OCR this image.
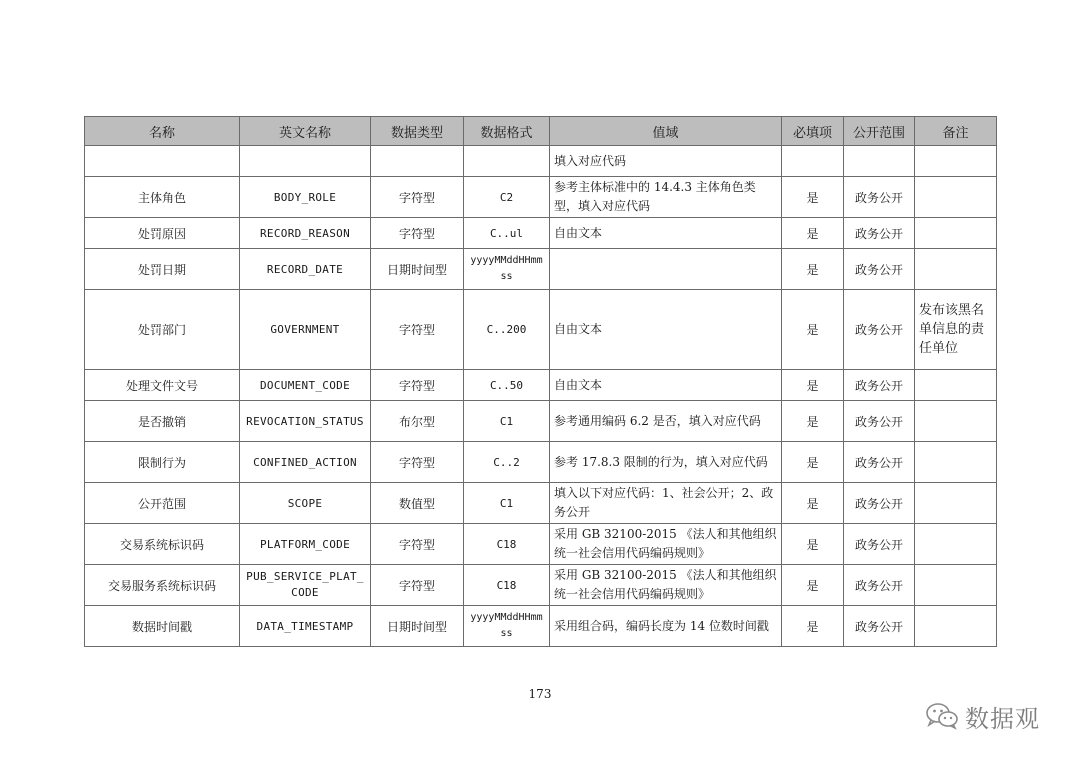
名称	英文名称	数据类型	数据格式	值域	必填项	公开范围	备注
				填入对应代码			
主体角色	BODY_ROLE	字符型	C2	参考主体标准中的 14.4.3 主体角色类型，填入对应代码	是	政务公开	
处罚原因	RECORD_REASON	字符型	C..ul	自由文本	是	政务公开	
处罚日期	RECORD_DATE	日期时间型	yyyyMMddHHmmss		是	政务公开	
处罚部门	GOVERNMENT	字符型	C..200	自由文本	是	政务公开	发布该黑名单信息的责任单位
处理文件文号	DOCUMENT_CODE	字符型	C..50	自由文本	是	政务公开	
是否撤销	REVOCATION_STATUS	布尔型	C1	参考通用编码 6.2 是否，填入对应代码	是	政务公开	
限制行为	CONFINED_ACTION	字符型	C..2	参考 17.8.3 限制的行为，填入对应代码	是	政务公开	
公开范围	SCOPE	数值型	C1	填入以下对应代码：1、社会公开；2、政务公开	是	政务公开	
交易系统标识码	PLATFORM_CODE	字符型	C18	采用 GB 32100-2015 《法人和其他组织统一社会信用代码编码规则》	是	政务公开	
交易服务系统标识码	PUB_SERVICE_PLAT_CODE	字符型	C18	采用 GB 32100-2015 《法人和其他组织统一社会信用代码编码规则》	是	政务公开	
数据时间戳	DATA_TIMESTAMP	日期时间型	yyyyMMddHHmmss	采用组合码，编码长度为 14 位数时间戳	是	政务公开	
173
数据观
